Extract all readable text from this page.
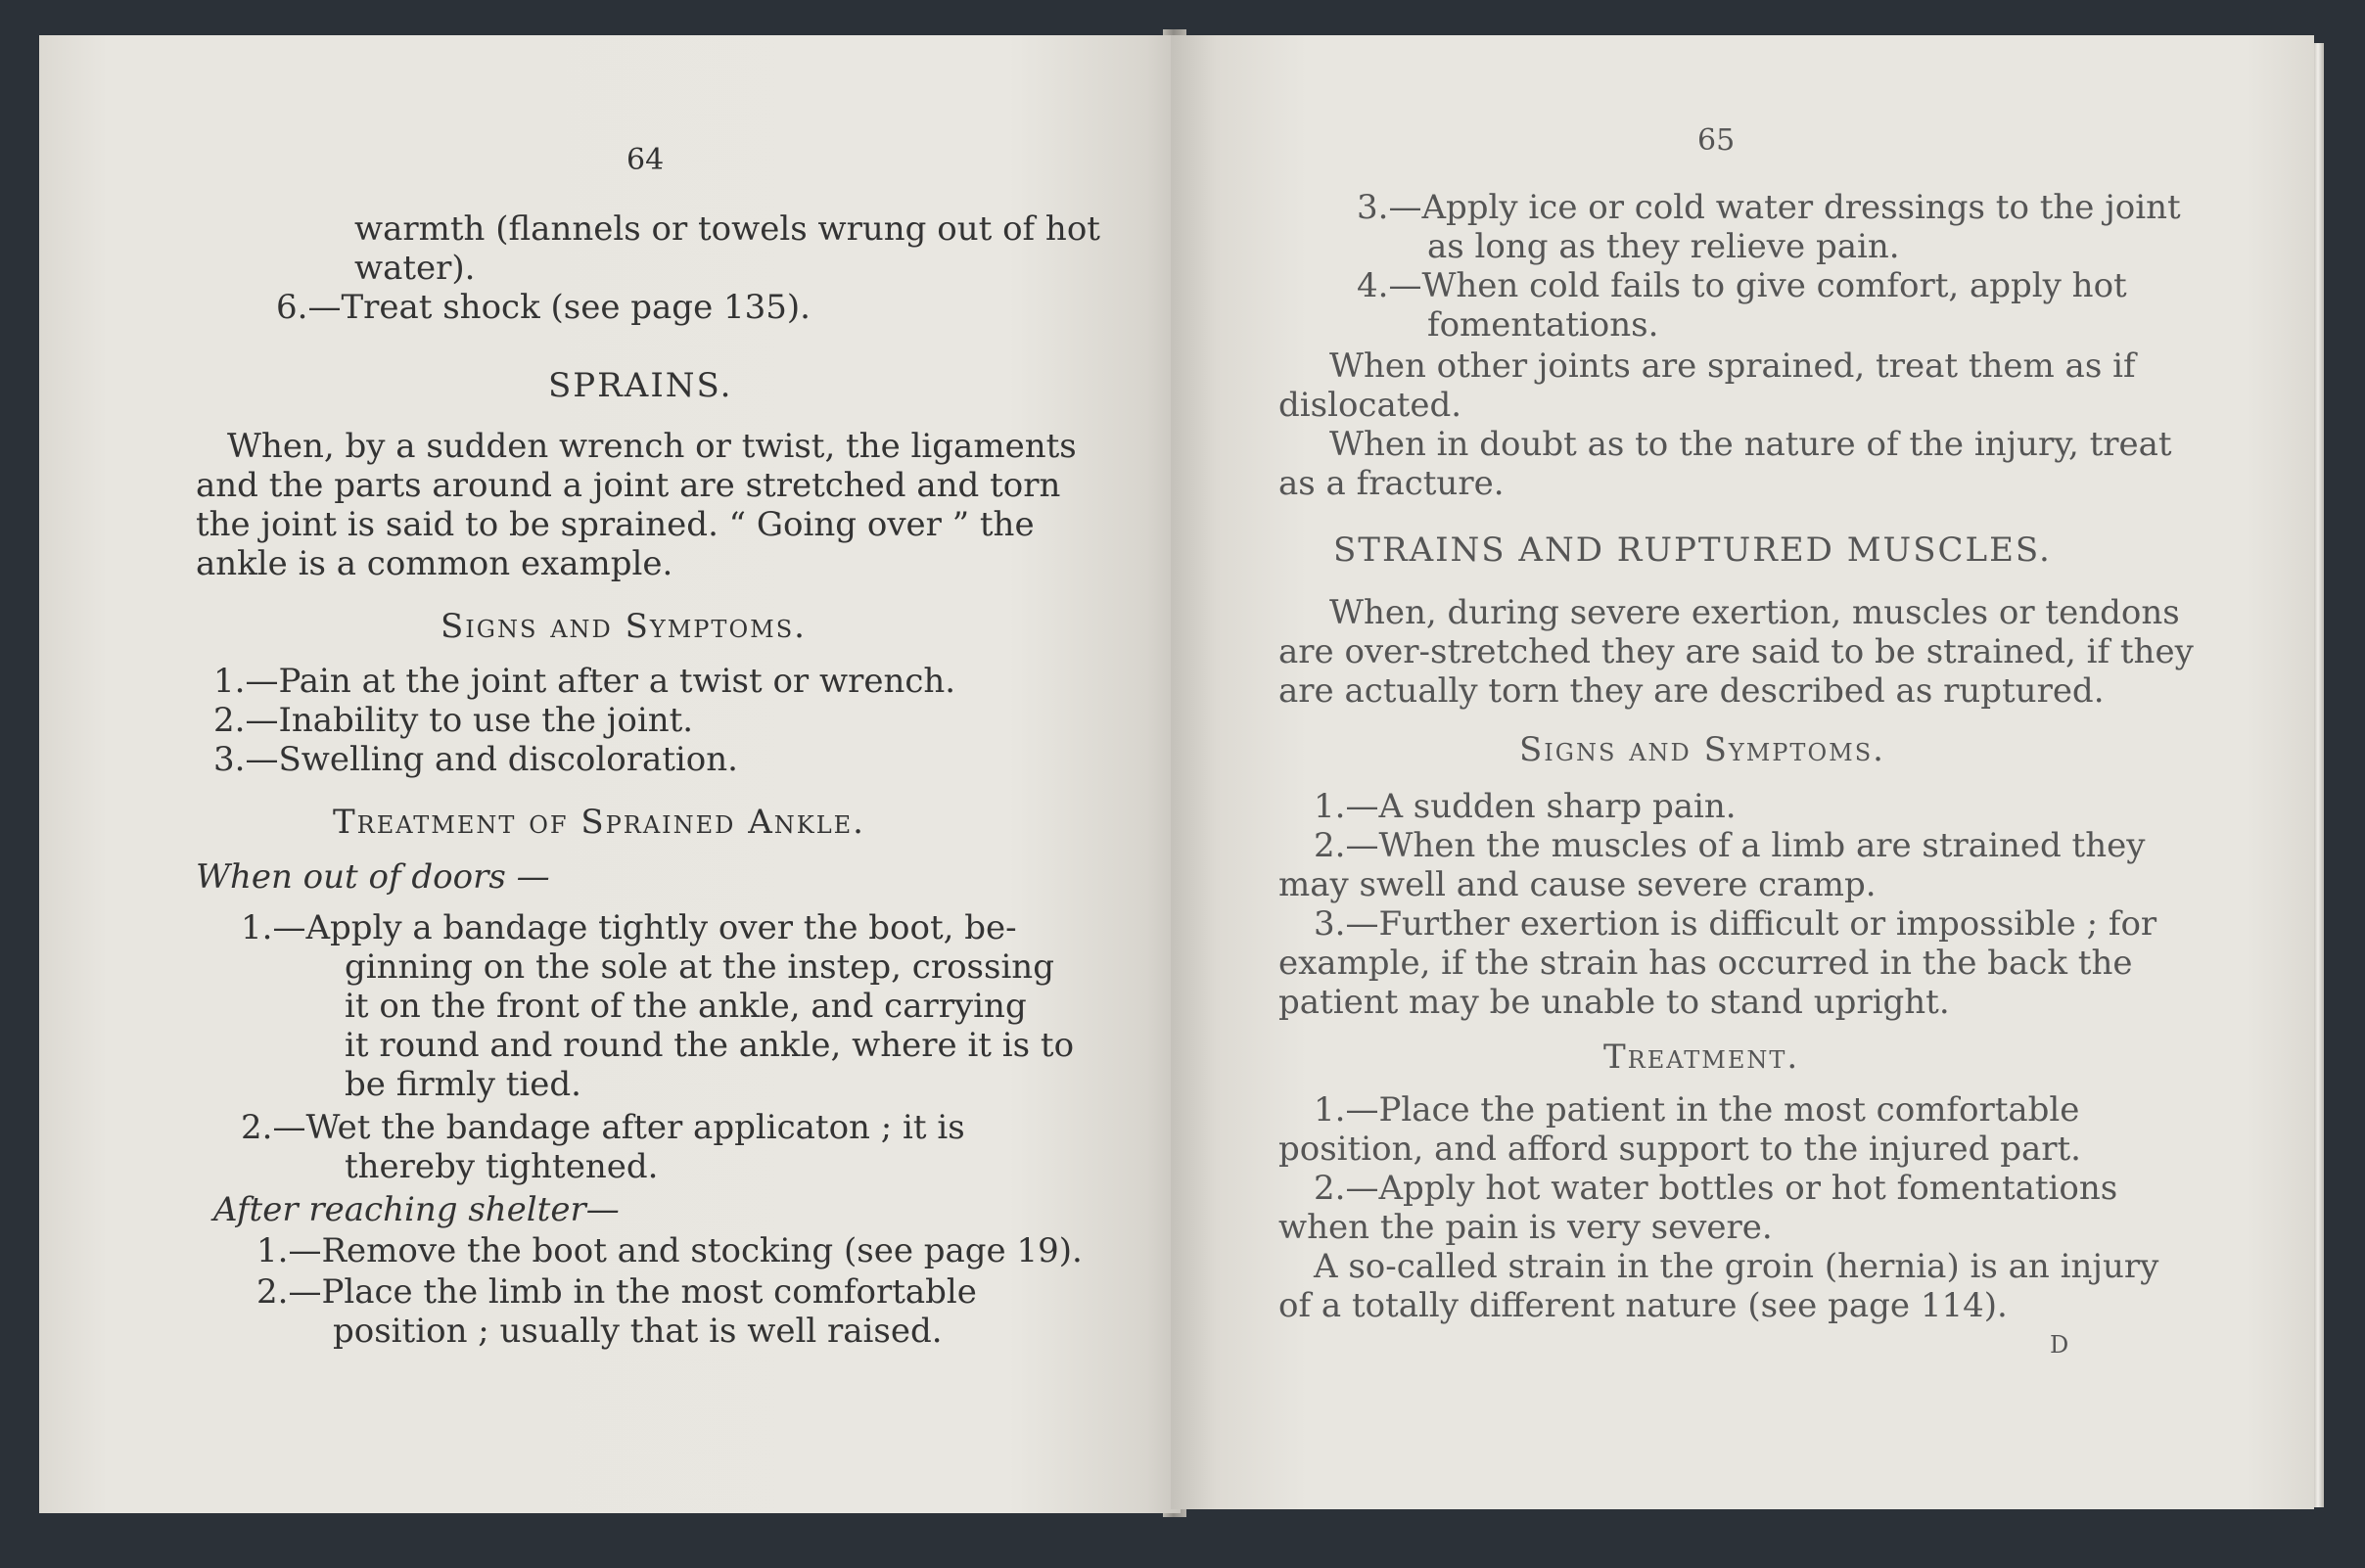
64
warmth (flannels or towels wrung out of hot
water).
6.—Treat shock (see page 135).
SPRAINS.
When, by a sudden wrench or twist, the ligaments
and the parts around a joint are stretched and torn
the joint is said to be sprained. “ Going over ” the
ankle is a common example.
Signs and Symptoms.
1.—Pain at the joint after a twist or wrench.
2.—Inability to use the joint.
3.—Swelling and discoloration.
Treatment of Sprained Ankle.
When out of doors —
1.—Apply a bandage tightly over the boot, be-
ginning on the sole at the instep, crossing
it on the front of the ankle, and carrying
it round and round the ankle, where it is to
be firmly tied.
2.—Wet the bandage after applicaton ; it is
thereby tightened.
After reaching shelter—
1.—Remove the boot and stocking (see page 19).
2.—Place the limb in the most comfortable
position ; usually that is well raised.
65
3.—Apply ice or cold water dressings to the joint
as long as they relieve pain.
4.—When cold fails to give comfort, apply hot
fomentations.
When other joints are sprained, treat them as if
dislocated.
When in doubt as to the nature of the injury, treat
as a fracture.
STRAINS AND RUPTURED MUSCLES.
When, during severe exertion, muscles or tendons
are over-stretched they are said to be strained, if they
are actually torn they are described as ruptured.
Signs and Symptoms.
1.—A sudden sharp pain.
2.—When the muscles of a limb are strained they
may swell and cause severe cramp.
3.—Further exertion is difficult or impossible ; for
example, if the strain has occurred in the back the
patient may be unable to stand upright.
Treatment.
1.—Place the patient in the most comfortable
position, and afford support to the injured part.
2.—Apply hot water bottles or hot fomentations
when the pain is very severe.
A so-called strain in the groin (hernia) is an injury
of a totally different nature (see page 114).
D
